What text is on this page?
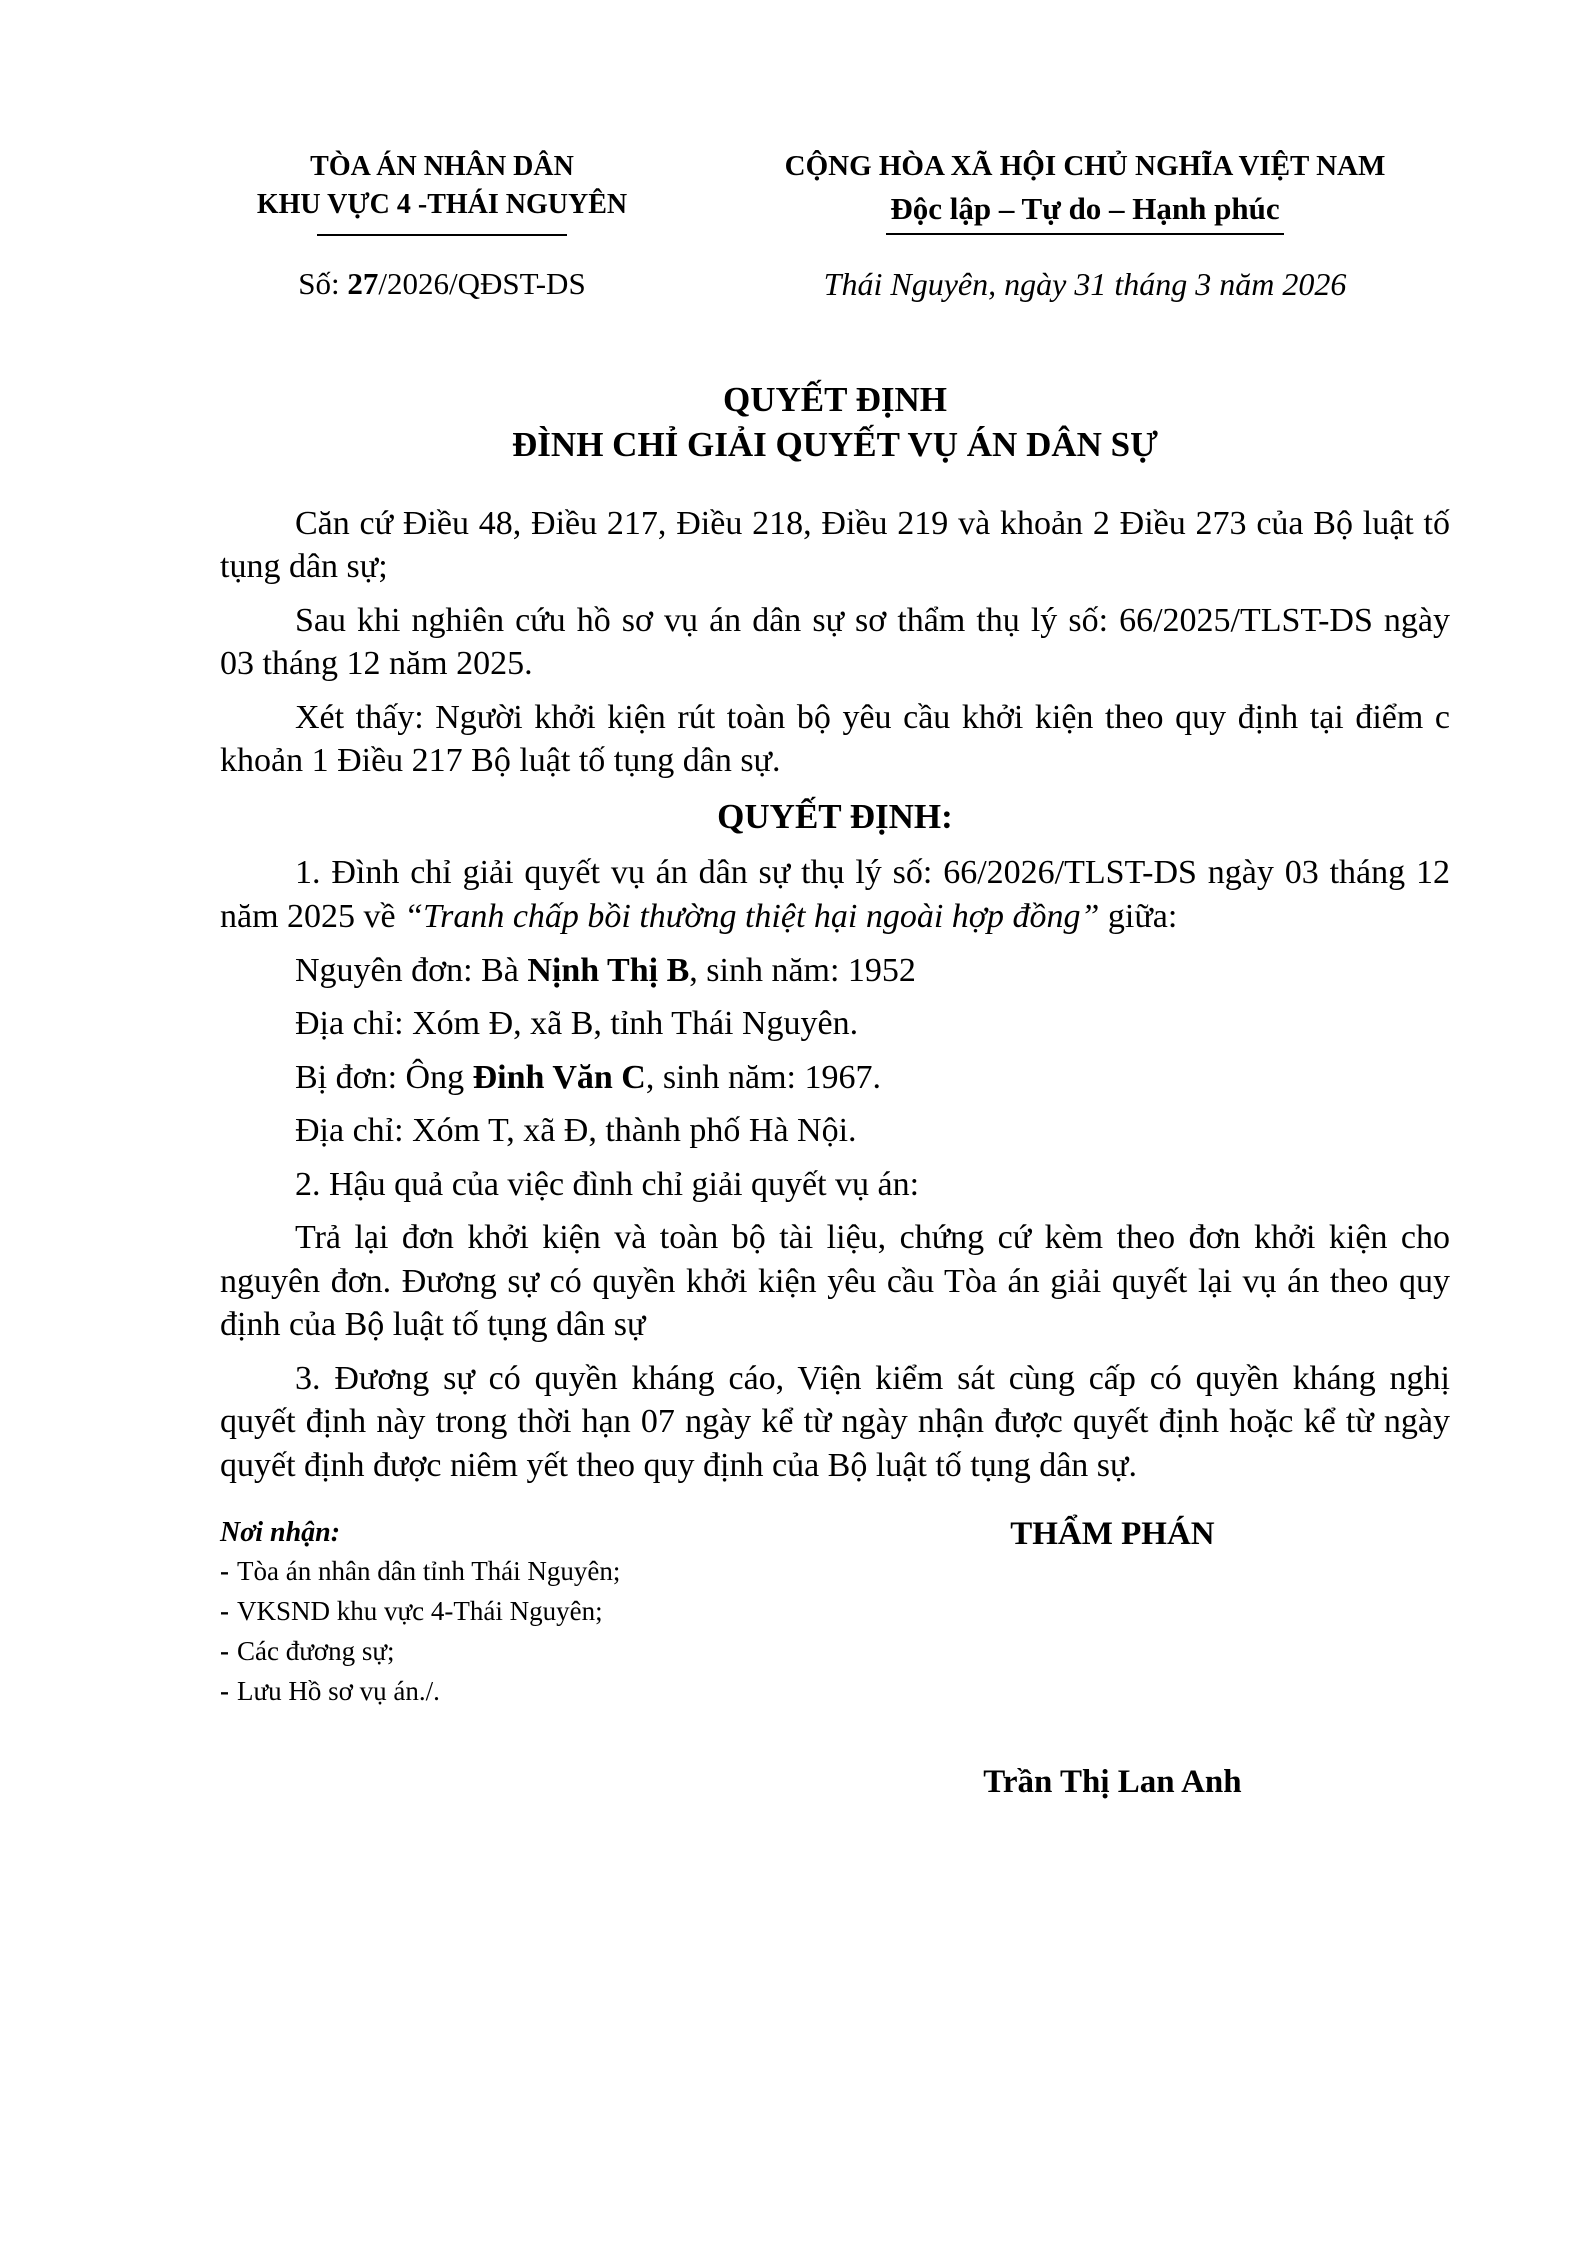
TÒA ÁN NHÂN DÂN
KHU VỰC 4 -THÁI NGUYÊN
CỘNG HÒA XÃ HỘI CHỦ NGHĨA VIỆT NAM
Độc lập – Tự do – Hạnh phúc
Số: 27/2026/QĐST-DS	Thái Nguyên, ngày 31 tháng 3 năm 2026
QUYẾT ĐỊNH
ĐÌNH CHỈ GIẢI QUYẾT VỤ ÁN DÂN SỰ

Căn cứ Điều 48, Điều 217, Điều 218, Điều 219 và khoản 2 Điều 273 của Bộ luật tố tụng dân sự;

Sau khi nghiên cứu hồ sơ vụ án dân sự sơ thẩm thụ lý số: 66/2025/TLST-DS ngày 03 tháng 12 năm 2025.

Xét thấy: Người khởi kiện rút toàn bộ yêu cầu khởi kiện theo quy định tại điểm c khoản 1 Điều 217 Bộ luật tố tụng dân sự.

QUYẾT ĐỊNH:

1. Đình chỉ giải quyết vụ án dân sự thụ lý số: 66/2026/TLST-DS ngày 03 tháng 12 năm 2025 về “Tranh chấp bồi thường thiệt hại ngoài hợp đồng” giữa:

Nguyên đơn: Bà Nịnh Thị B, sinh năm: 1952

Địa chỉ: Xóm Đ, xã B, tỉnh Thái Nguyên.

Bị đơn: Ông Đinh Văn C, sinh năm: 1967.

Địa chỉ: Xóm T, xã Đ, thành phố Hà Nội.

2. Hậu quả của việc đình chỉ giải quyết vụ án:

Trả lại đơn khởi kiện và toàn bộ tài liệu, chứng cứ kèm theo đơn khởi kiện cho nguyên đơn. Đương sự có quyền khởi kiện yêu cầu Tòa án giải quyết lại vụ án theo quy định của Bộ luật tố tụng dân sự

3. Đương sự có quyền kháng cáo, Viện kiểm sát cùng cấp có quyền kháng nghị quyết định này trong thời hạn 07 ngày kể từ ngày nhận được quyết định hoặc kể từ ngày quyết định được niêm yết theo quy định của Bộ luật tố tụng dân sự.

Nơi nhận:
- Tòa án nhân dân tỉnh Thái Nguyên;
- VKSND khu vực 4-Thái Nguyên;
- Các đương sự;
- Lưu Hồ sơ vụ án./.
THẨM PHÁN
Trần Thị Lan Anh
